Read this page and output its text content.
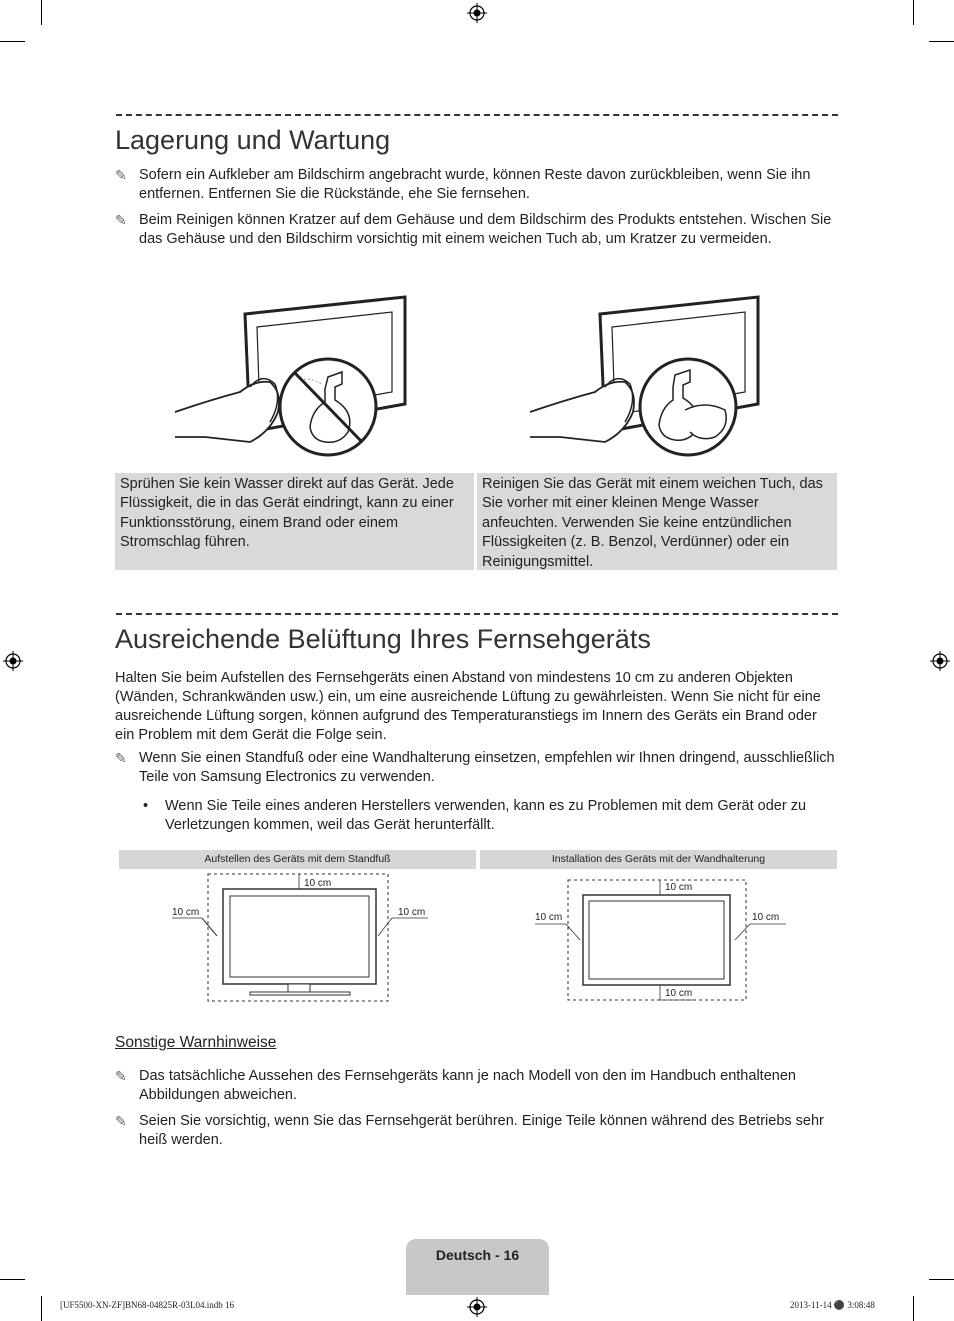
Lagerung und Wartung
✎ Sofern ein Aufkleber am Bildschirm angebracht wurde, können Reste davon zurückbleiben, wenn Sie ihn entfernen. Entfernen Sie die Rückstände, ehe Sie fernsehen.
✎ Beim Reinigen können Kratzer auf dem Gehäuse und dem Bildschirm des Produkts entstehen. Wischen Sie das Gehäuse und den Bildschirm vorsichtig mit einem weichen Tuch ab, um Kratzer zu vermeiden.
Sprühen Sie kein Wasser direkt auf das Gerät. Jede Flüssigkeit, die in das Gerät eindringt, kann zu einer Funktionsstörung, einem Brand oder einem Stromschlag führen.
Reinigen Sie das Gerät mit einem weichen Tuch, das Sie vorher mit einer kleinen Menge Wasser anfeuchten. Verwenden Sie keine entzündlichen Flüssigkeiten (z. B. Benzol, Verdünner) oder ein Reinigungsmittel.
Ausreichende Belüftung Ihres Fernsehgeräts
Halten Sie beim Aufstellen des Fernsehgeräts einen Abstand von mindestens 10 cm zu anderen Objekten (Wänden, Schrankwänden usw.) ein, um eine ausreichende Lüftung zu gewährleisten. Wenn Sie nicht für eine ausreichende Lüftung sorgen, können aufgrund des Temperaturanstiegs im Innern des Geräts ein Brand oder ein Problem mit dem Gerät die Folge sein.
✎ Wenn Sie einen Standfuß oder eine Wandhalterung einsetzen, empfehlen wir Ihnen dringend, ausschließlich Teile von Samsung Electronics zu verwenden.
• Wenn Sie Teile eines anderen Herstellers verwenden, kann es zu Problemen mit dem Gerät oder zu Verletzungen kommen, weil das Gerät herunterfällt.
Aufstellen des Geräts mit dem Standfuß	Installation des Geräts mit der Wandhalterung
10 cm
10 cm	10 cm
10 cm
10 cm
10 cm	10 cm
Sonstige Warnhinweise
✎ Das tatsächliche Aussehen des Fernsehgeräts kann je nach Modell von den im Handbuch enthaltenen Abbildungen abweichen.
✎ Seien Sie vorsichtig, wenn Sie das Fernsehgerät berühren. Einige Teile können während des Betriebs sehr heiß werden.
Deutsch - 16
[UF5500-XN-ZF]BN68-04825R-03L04.indb 16	2013-11-14 ⚫ 3:08:48
